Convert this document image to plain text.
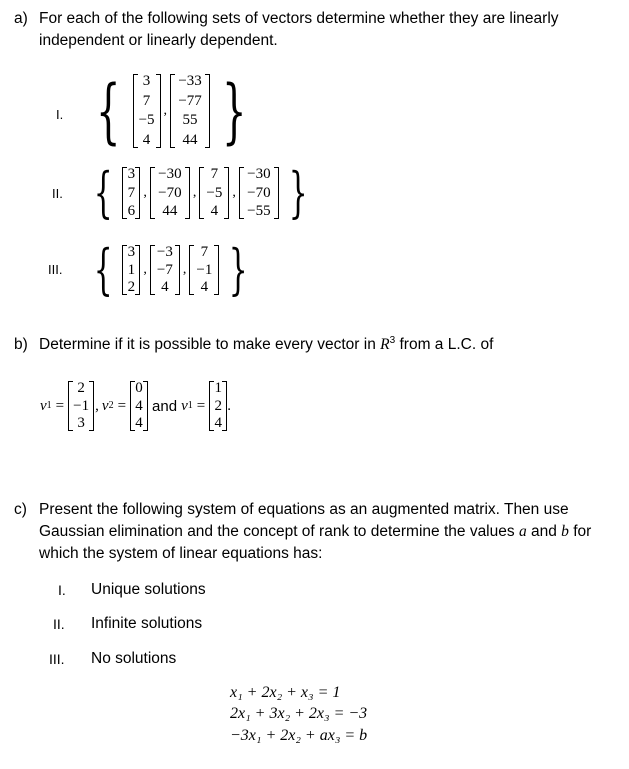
a) For each of the following sets of vectors determine whether they are linearly
independent or linearly dependent.
I. { 3
7
−5
4
,
−33
−77
55
44 }
II. { 3
7
6
,
−30
−70
44
,
7
−5
4
,
−30
−70
−55 }
III. { 3
1
2
,
−3
−7
4
,
7
−1
4 }
b) Determine if it is possible to make every vector in $R^3$ from a L.C. of
v 1 =
2
−1
3
, v 2 =
0
4
4
and v 1 =
1
2
4
.
c) Present the following system of equations as an augmented matrix. Then use
Gaussian elimination and the concept of rank to determine the values a and b for
which the system of linear equations has:
I. Unique solutions
II. Infinite solutions
III. No solutions
x₁ + 2x₂ + x₃ = 1
2x₁ + 3x₂ + 2x₃ = −3
−3x₁ + 2x₂ + ax₃ = b
